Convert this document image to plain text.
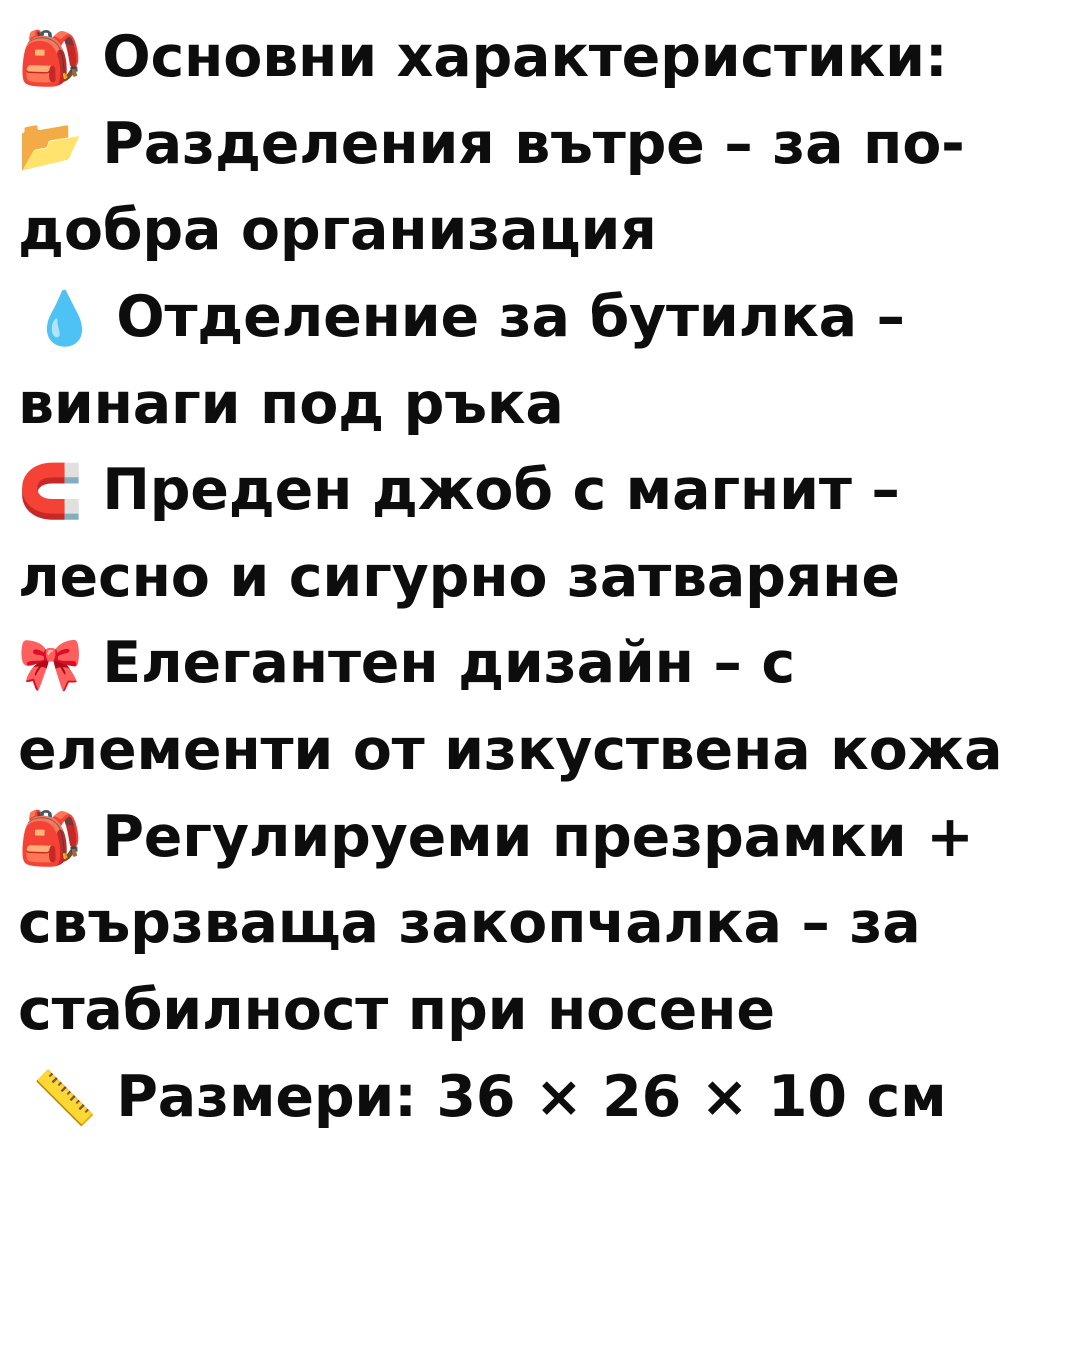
🎒 Основни характеристики:

📂 Разделения вътре – за по-добра организация
💧 Отделение за бутилка – винаги под ръка
🧲 Преден джоб с магнит – лесно и сигурно затваряне
🎀 Елегантен дизайн – с елементи от изкуствена кожа
🎒 Регулируеми презрамки + свързваща закопчалка – за стабилност при носене
📏 Размери: 36 × 26 × 10 см
